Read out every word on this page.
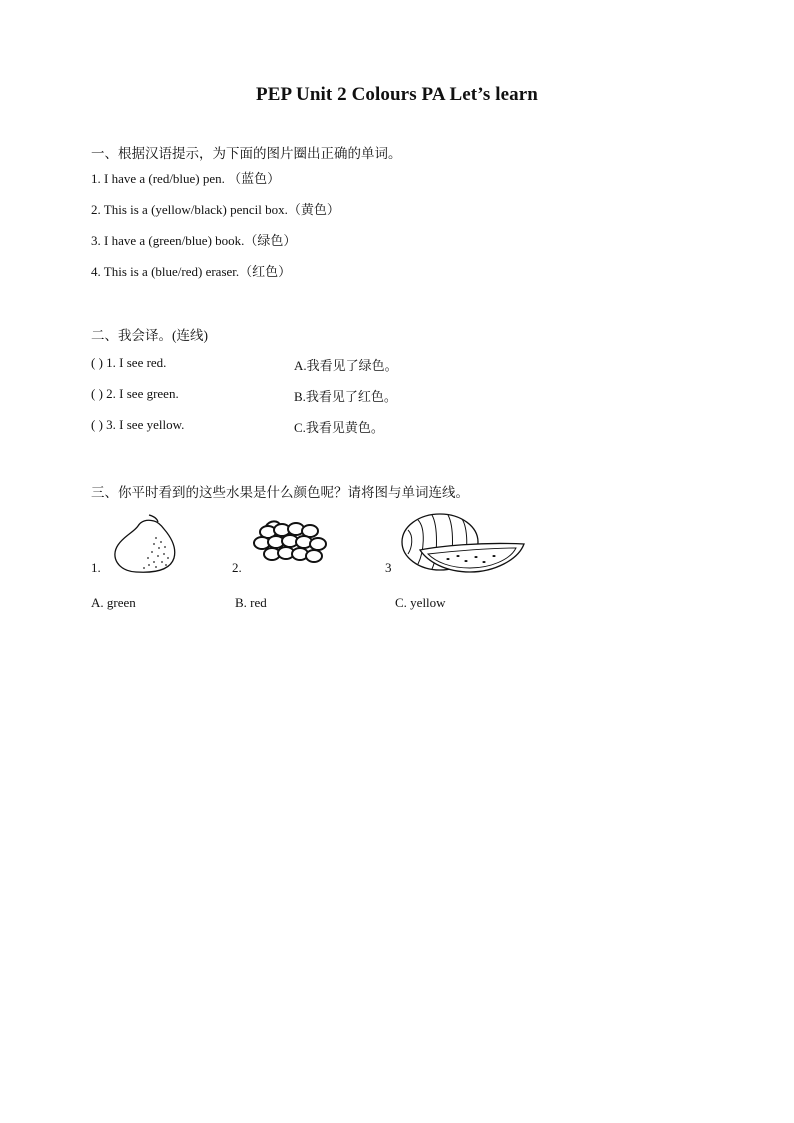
PEP Unit 2 Colours PA Let’s learn
一、根据汉语提示，为下面的图片圈出正确的单词。
1. I have a (red/blue) pen. （蓝色）
2. This is a (yellow/black) pencil box.（黄色）
3. I have a (green/blue) book.（绿色）
4. This is a (blue/red) eraser.（红色）
二、我会译。(连线)
( ) 1. I see red.	A.我看见了绿色。
( ) 2. I see green.	B.我看见了红色。
( ) 3. I see yellow.	C.我看见黄色。
三、你平时看到的这些水果是什么颜色呢？请将图与单词连线。
1.	2.	3
A. green	B. red	C. yellow
